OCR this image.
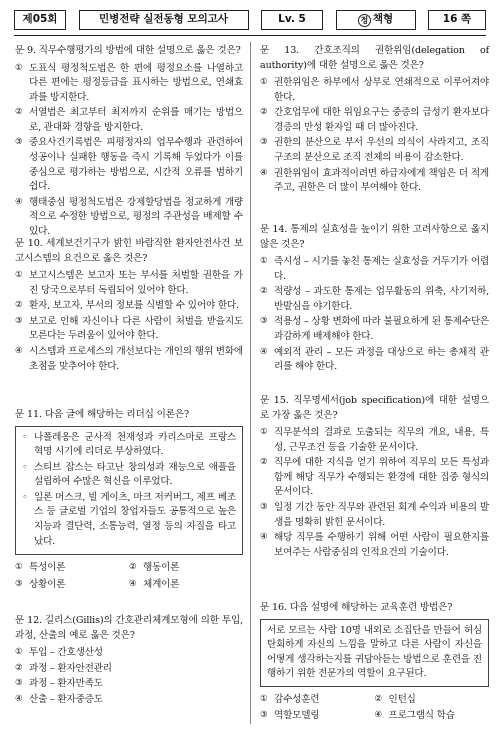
제05회	민병전략 실전동형 모의고사	Lv. 5	정 책형	16 쪽
문 9. 직무수행평가의 방법에 대한 설명으로 옳은 것은?
① 도표식 평정척도법은 한 편에 평정요소를 나열하고 다른 편에는 평정등급을 표시하는 방법으로, 연쇄효과를 방지한다.
② 서열법은 최고부터 최저까지 순위를 매기는 방법으로, 관대화 경향을 방지한다.
③ 중요사건기록법은 피평정자의 업무수행과 관련하여 성공이나 실패한 행동을 즉시 기록해 두었다가 이를 중심으로 평가하는 방법으로, 시간적 오류를 범하기 쉽다.
④ 행태중심 평정척도법은 강제할당법을 정교하게 개량적으로 수정한 방법으로, 평정의 주관성을 배제할 수 있다.
문 10. 세계보건기구가 밝힌 바람직한 환자안전사건 보고시스템의 요건으로 옳은 것은?
① 보고시스템은 보고자 또는 부서를 처벌할 권한을 가진 당국으로부터 독립되어 있어야 한다.
② 환자, 보고자, 부서의 정보를 식별할 수 있어야 한다.
③ 보고로 인해 자신이나 다른 사람이 처벌을 받을지도 모른다는 두려움이 있어야 한다.
④ 시스템과 프로세스의 개선보다는 개인의 행위 변화에 초점을 맞추어야 한다.
문 11. 다음 글에 해당하는 리더십 이론은?
◦ 나폴레옹은 군사적 천재성과 카리스마로 프랑스 혁명 시기에 리더로 부상하였다.
◦ 스티브 잡스는 타고난 창의성과 재능으로 애플을 설립하여 수많은 혁신을 이루었다.
◦ 일론 머스크, 빌 게이츠, 마크 저커버그, 제프 베조스 등 글로벌 기업의 창업자들도 공통적으로 높은 지능과 결단력, 소통능력, 열정 등의 자질을 타고났다.
① 특성이론	② 행동이론
③ 상황이론	④ 체계이론
문 12. 길리스(Gillis)의 간호관리체계모형에 의한 투입, 과정, 산출의 예로 옳은 것은?
① 투입 – 간호생산성
② 과정 – 환자안전관리
③ 과정 – 환자만족도
④ 산출 – 환자중증도
문 13. 간호조직의 권한위임(delegation of authority)에 대한 설명으로 옳은 것은?
① 권한위임은 하부에서 상부로 연쇄적으로 이루어져야 한다.
② 간호업무에 대한 위임요구는 중증의 급성기 환자보다 경증의 만성 환자일 때 더 많아진다.
③ 권한의 분산으로 부서 우선의 의식이 사라지고, 조직구조의 분산으로 조직 전체의 비용이 감소한다.
④ 권한위임이 효과적이려면 하급자에게 책임은 더 적게 주고, 권한은 더 많이 부여해야 한다.
문 14. 통제의 실효성을 높이기 위한 고려사항으로 옳지 않은 것은?
① 즉시성 – 시기를 놓친 통제는 실효성을 거두기가 어렵다.
② 적량성 – 과도한 통제는 업무활동의 위축, 사기저하, 반발심을 야기한다.
③ 적용성 – 상황 변화에 따라 불필요하게 된 통제수단은 과감하게 배제해야 한다.
④ 예외적 관리 – 모든 과정을 대상으로 하는 총체적 관리를 해야 한다.
문 15. 직무명세서(job specification)에 대한 설명으로 가장 옳은 것은?
① 직무분석의 결과로 도출되는 직무의 개요, 내용, 특성, 근무조건 등을 기술한 문서이다.
② 직무에 대한 지식을 얻기 위하여 직무의 모든 특성과 함께 해당 직무가 수행되는 환경에 대한 집중 형식의 문서이다.
③ 일정 기간 동안 직무와 관련된 회계 수익과 비용의 발생을 명확히 밝힌 문서이다.
④ 해당 직무를 수행하기 위해 어떤 사람이 필요한지를 보여주는 사람중심의 인적요건의 기술이다.
문 16. 다음 설명에 해당하는 교육훈련 방법은?
서로 모르는 사람 10명 내외로 소집단을 만들어 허심탄회하게 자신의 느낌을 말하고 다른 사람이 자신을 어떻게 생각하는지를 귀담아듣는 방법으로 훈련을 진행하기 위한 전문가의 역할이 요구된다.
① 감수성훈련	② 인턴십
③ 역할모델링	④ 프로그램식 학습
